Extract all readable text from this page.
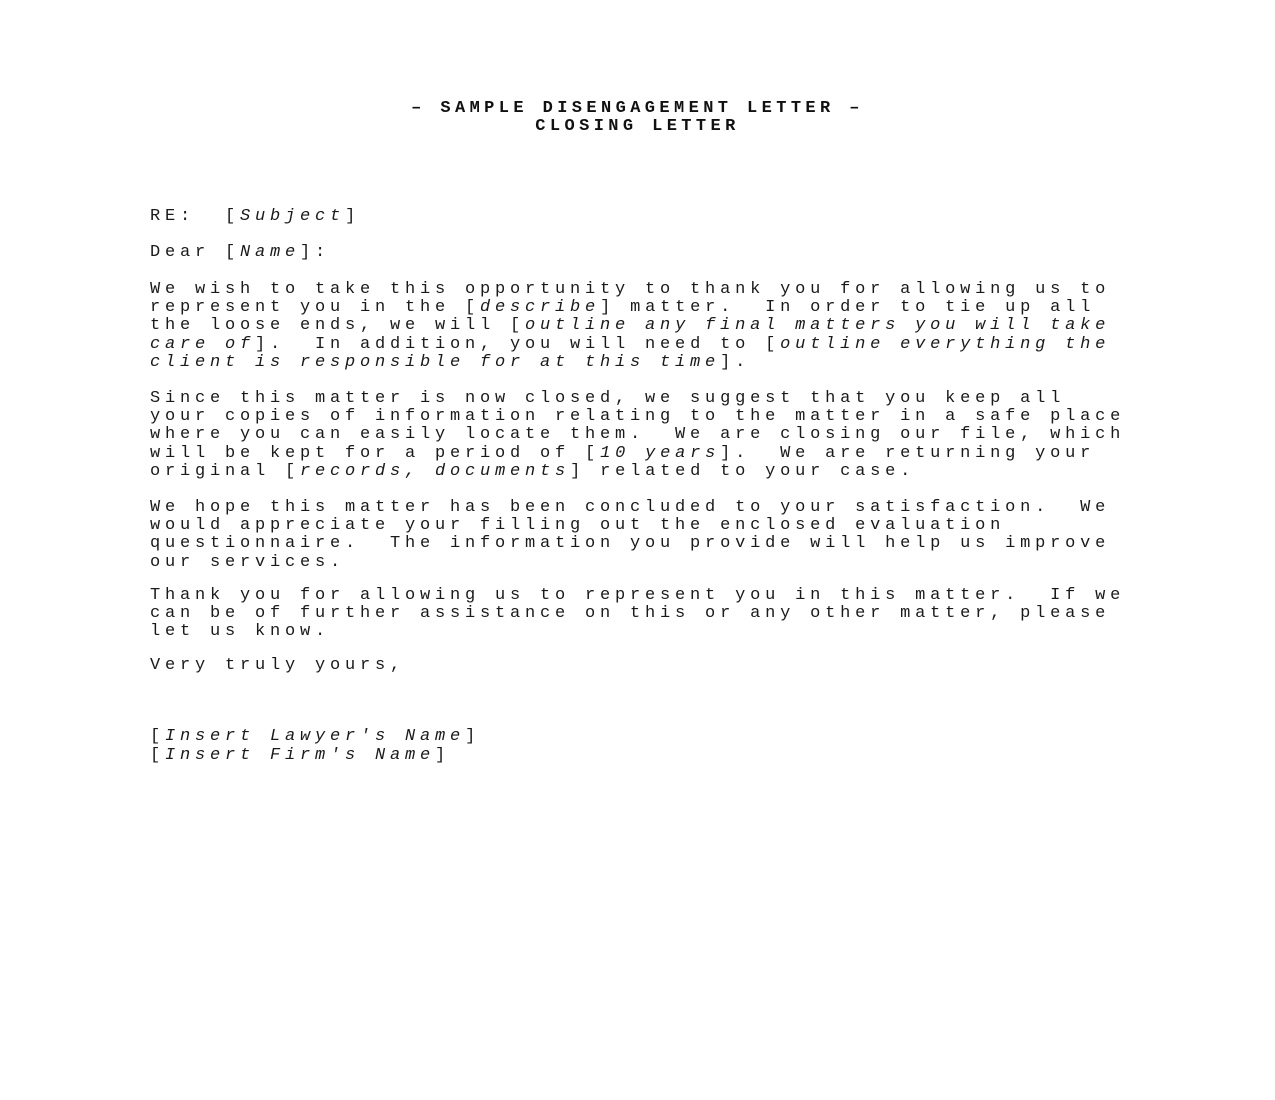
– SAMPLE DISENGAGEMENT LETTER –
CLOSING LETTER
RE: [Subject]
Dear [Name]:
We wish to take this opportunity to thank you for allowing us to
represent you in the [describe] matter.  In order to tie up all
the loose ends, we will [outline any final matters you will take
care of].  In addition, you will need to [outline everything the
client is responsible for at this time].
Since this matter is now closed, we suggest that you keep all
your copies of information relating to the matter in a safe place
where you can easily locate them.  We are closing our file, which
will be kept for a period of [10 years].  We are returning your
original [records, documents] related to your case.
We hope this matter has been concluded to your satisfaction.  We
would appreciate your filling out the enclosed evaluation
questionnaire.  The information you provide will help us improve
our services.
Thank you for allowing us to represent you in this matter.  If we
can be of further assistance on this or any other matter, please
let us know.
Very truly yours,
[Insert Lawyer's Name]
[Insert Firm's Name]
